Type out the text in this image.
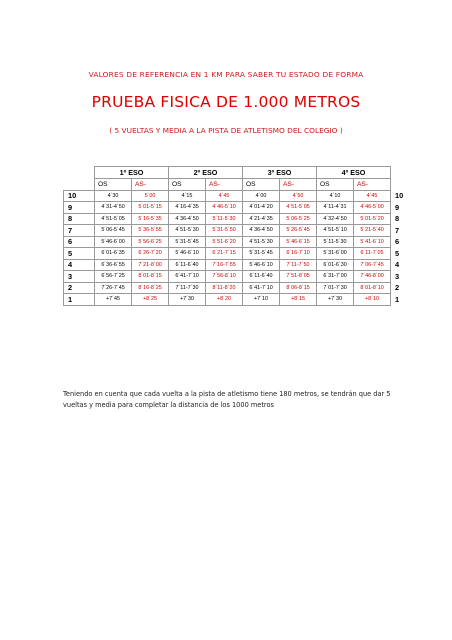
VALORES DE REFERENCIA EN 1 KM PARA SABER TU ESTADO DE FORMA
PRUEBA FISICA DE 1.000 METROS
( 5 VUELTAS Y MEDIA A LA PISTA DE ATLETISMO DEL COLEGIO )
	1º ESO		2º ESO		3º ESO		4º ESO		
	OS	AS-	OS	AS-	OS	AS-	OS	AS-	
10	4´30	5´00	4´15	4´45	4´00	4´50	4´10	4´45	10
9	4´31-4´50	5´01-5´15	4´16-4´35	4´46-5´10	4´01-4´20	4´51-5´05	4´11-4´31	4´46-5´00	9
8	4´51-5´05	5´16-5´35	4´36-4´50	5´11-5´30	4´21-4´35	5´06-5´25	4´32-4´50	5´01-5´20	8
7	5´06-5´45	5´36-5´55	4´51-5´30	5´31-5´50	4´36-4´50	5´26-5´45	4´51-5´10	5´21-5´40	7
6	5´46-6´00	5´56-6´25	5´31-5´45	5´51-6´20	4´51-5´30	5´46-6´15	5´11-5´30	5´41-6´10	6
5	6´01-6´35	6´26-7´20	5´46-6´10	6´21-7´15	5´31-5´45	6´16-7´10	5´31-6´00	6´11-7´05	5
4	6´36-6´55	7´21-8´00	6´11-6´40	7´16-7´55	5´46-6´10	7´11-7´50	6´01-6´30	7´06-7´45	4
3	6´56-7´25	8´01-8´15	6´41-7´10	7´56-8´10	6´11-6´40	7´51-8´05	6´31-7´00	7´46-8´00	3
2	7´26-7´45	8´16-8´25	7´11-7´30	8´11-8´20	6´41-7´10	8´06-8´15	7´01-7´30	8´01-8´10	2
1	+7´45	+8´25	+7´30	+8´20	+7´10	+8´15	+7´30	+8´10	1
Teniendo en cuenta que cada vuelta a la pista de atletismo tiene 180 metros, se tendrán que dar 5 vueltas y media para completar la distancia de los 1000 metros
